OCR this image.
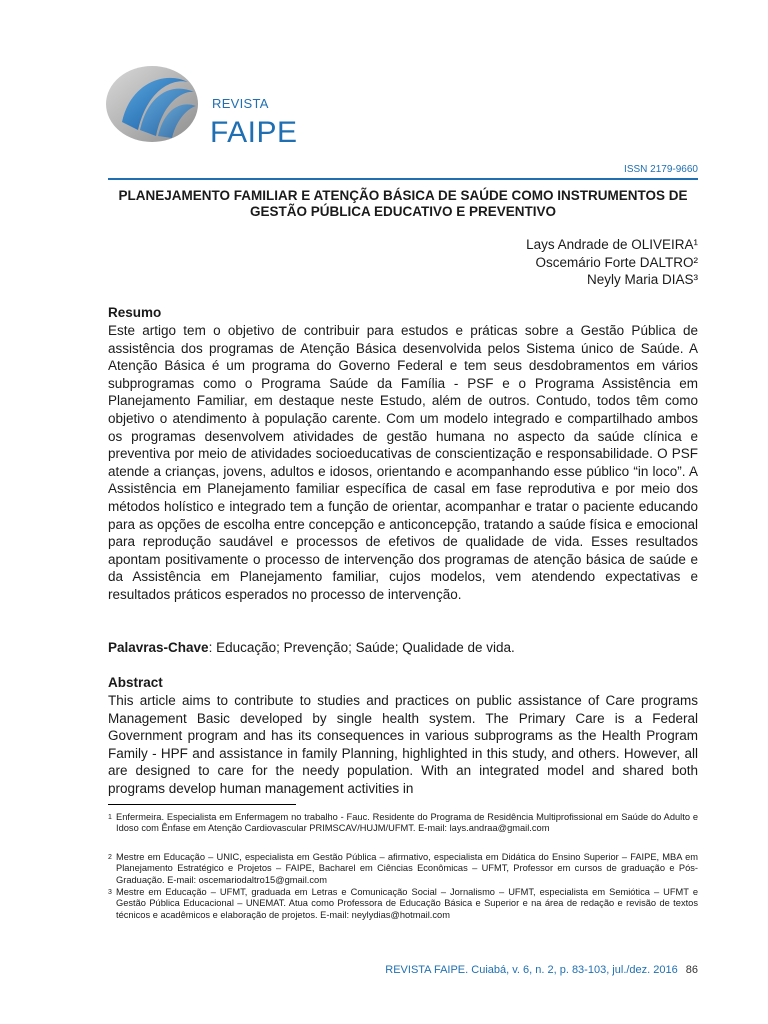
REVISTA
FAIPE
ISSN 2179-9660
PLANEJAMENTO FAMILIAR E ATENÇÃO BÁSICA DE SAÚDE COMO INSTRUMENTOS DE GESTÃO PÚBLICA EDUCATIVO E PREVENTIVO
Lays Andrade de OLIVEIRA¹
Oscemário Forte DALTRO²
Neyly Maria DIAS³
Resumo
Este artigo tem o objetivo de contribuir para estudos e práticas sobre a Gestão Pública de assistência dos programas de Atenção Básica desenvolvida pelos Sistema único de Saúde. A Atenção Básica é um programa do Governo Federal e tem seus desdobramentos em vários subprogramas como o Programa Saúde da Família - PSF e o Programa Assistência em Planejamento Familiar, em destaque neste Estudo, além de outros. Contudo, todos têm como objetivo o atendimento à população carente. Com um modelo integrado e compartilhado ambos os programas desenvolvem atividades de gestão humana no aspecto da saúde clínica e preventiva por meio de atividades socioeducativas de conscientização e responsabilidade. O PSF atende a crianças, jovens, adultos e idosos, orientando e acompanhando esse público “in loco”. A Assistência em Planejamento familiar específica de casal em fase reprodutiva e por meio dos métodos holístico e integrado tem a função de orientar, acompanhar e tratar o paciente educando para as opções de escolha entre concepção e anticoncepção, tratando a saúde física e emocional para reprodução saudável e processos de efetivos de qualidade de vida. Esses resultados apontam positivamente o processo de intervenção dos programas de atenção básica de saúde e da Assistência em Planejamento familiar, cujos modelos, vem atendendo expectativas e resultados práticos esperados no processo de intervenção.
Palavras-Chave: Educação; Prevenção; Saúde; Qualidade de vida.
Abstract
This article aims to contribute to studies and practices on public assistance of Care programs Management Basic developed by single health system. The Primary Care is a Federal Government program and has its consequences in various subprograms as the Health Program Family - HPF and assistance in family Planning, highlighted in this study, and others. However, all are designed to care for the needy population. With an integrated model and shared both programs develop human management activities in
1 Enfermeira. Especialista em Enfermagem no trabalho - Fauc. Residente do Programa de Residência Multiprofissional em Saúde do Adulto e Idoso com Ênfase em Atenção Cardiovascular PRIMSCAV/HUJM/UFMT. E-mail: lays.andraa@gmail.com
2 Mestre em Educação – UNIC, especialista em Gestão Pública – afirmativo, especialista em Didática do Ensino Superior – FAIPE, MBA em Planejamento Estratégico e Projetos – FAIPE, Bacharel em Ciências Econômicas – UFMT, Professor em cursos de graduação e Pós-Graduação. E-mail: oscemariodaltro15@gmail.com
3 Mestre em Educação – UFMT, graduada em Letras e Comunicação Social – Jornalismo – UFMT, especialista em Semiótica – UFMT e Gestão Pública Educacional – UNEMAT. Atua como Professora de Educação Básica e Superior e na área de redação e revisão de textos técnicos e acadêmicos e elaboração de projetos. E-mail: neylydias@hotmail.com
REVISTA FAIPE. Cuiabá, v. 6, n. 2, p. 83-103, jul./dez. 2016 86
